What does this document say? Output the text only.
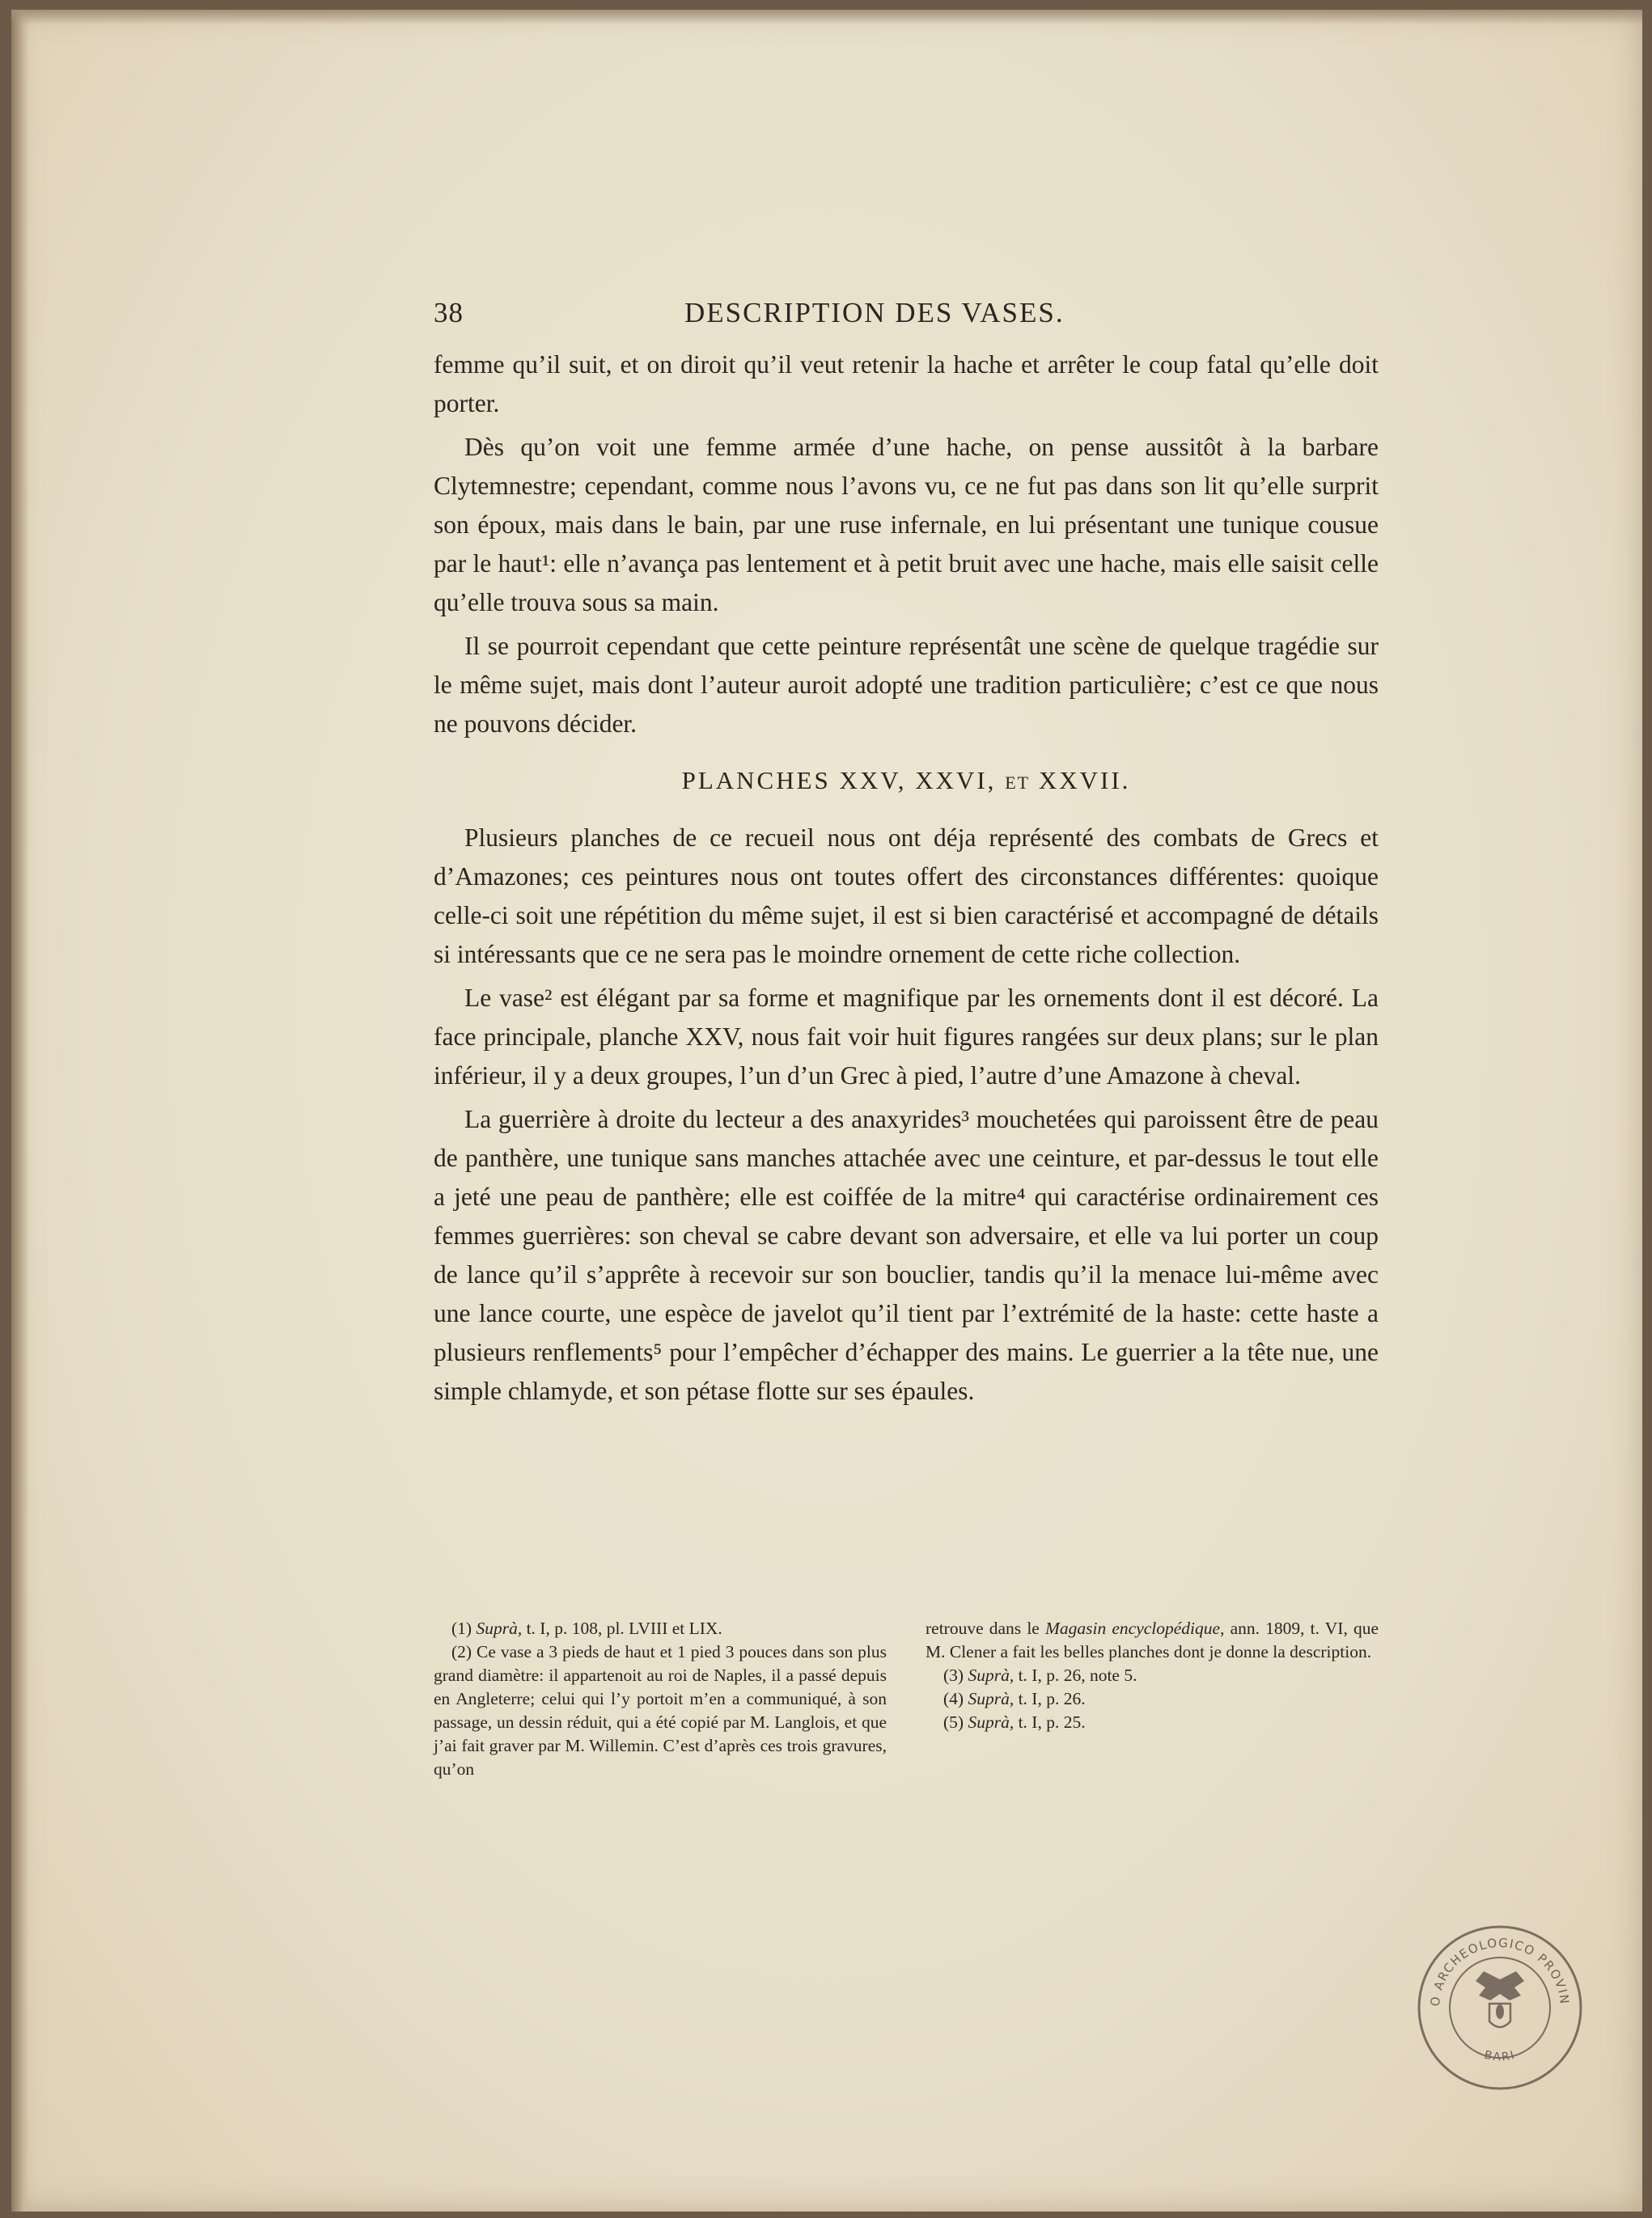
38	DESCRIPTION DES VASES.

femme qu’il suit, et on diroit qu’il veut retenir la hache et arrêter le coup fatal qu’elle doit porter.

Dès qu’on voit une femme armée d’une hache, on pense aussitôt à la barbare Clytemnestre; cependant, comme nous l’avons vu, ce ne fut pas dans son lit qu’elle surprit son époux, mais dans le bain, par une ruse infernale, en lui présentant une tunique cousue par le haut¹: elle n’avança pas lentement et à petit bruit avec une hache, mais elle saisit celle qu’elle trouva sous sa main.

Il se pourroit cependant que cette peinture représentât une scène de quelque tragédie sur le même sujet, mais dont l’auteur auroit adopté une tradition particulière; c’est ce que nous ne pouvons décider.

PLANCHES XXV, XXVI, ET XXVII.

Plusieurs planches de ce recueil nous ont déja représenté des combats de Grecs et d’Amazones; ces peintures nous ont toutes offert des circonstances différentes: quoique celle-ci soit une répétition du même sujet, il est si bien caractérisé et accompagné de détails si intéressants que ce ne sera pas le moindre ornement de cette riche collection.

Le vase² est élégant par sa forme et magnifique par les ornements dont il est décoré. La face principale, planche XXV, nous fait voir huit figures rangées sur deux plans; sur le plan inférieur, il y a deux groupes, l’un d’un Grec à pied, l’autre d’une Amazone à cheval.

La guerrière à droite du lecteur a des anaxyrides³ mouchetées qui paroissent être de peau de panthère, une tunique sans manches attachée avec une ceinture, et par-dessus le tout elle a jeté une peau de panthère; elle est coiffée de la mitre⁴ qui caractérise ordinairement ces femmes guerrières: son cheval se cabre devant son adversaire, et elle va lui porter un coup de lance qu’il s’apprête à recevoir sur son bouclier, tandis qu’il la menace lui-même avec une lance courte, une espèce de javelot qu’il tient par l’extrémité de la haste: cette haste a plusieurs renflements⁵ pour l’empêcher d’échapper des mains. Le guerrier a la tête nue, une simple chlamyde, et son pétase flotte sur ses épaules.

(1) Suprà, t. I, p. 108, pl. LVIII et LIX.

(2) Ce vase a 3 pieds de haut et 1 pied 3 pouces dans son plus grand diamètre: il appartenoit au roi de Naples, il a passé depuis en Angleterre; celui qui l’y portoit m’en a communiqué, à son passage, un dessin réduit, qui a été copié par M. Langlois, et que j’ai fait graver par M. Willemin. C’est d’après ces trois gravures, qu’on

retrouve dans le Magasin encyclopédique, ann. 1809, t. VI, que M. Clener a fait les belles planches dont je donne la description.

(3) Suprà, t. I, p. 26, note 5.

(4) Suprà, t. I, p. 26.

(5) Suprà, t. I, p. 25.

O ARCHEOLOGICO PROVIN
BARI
